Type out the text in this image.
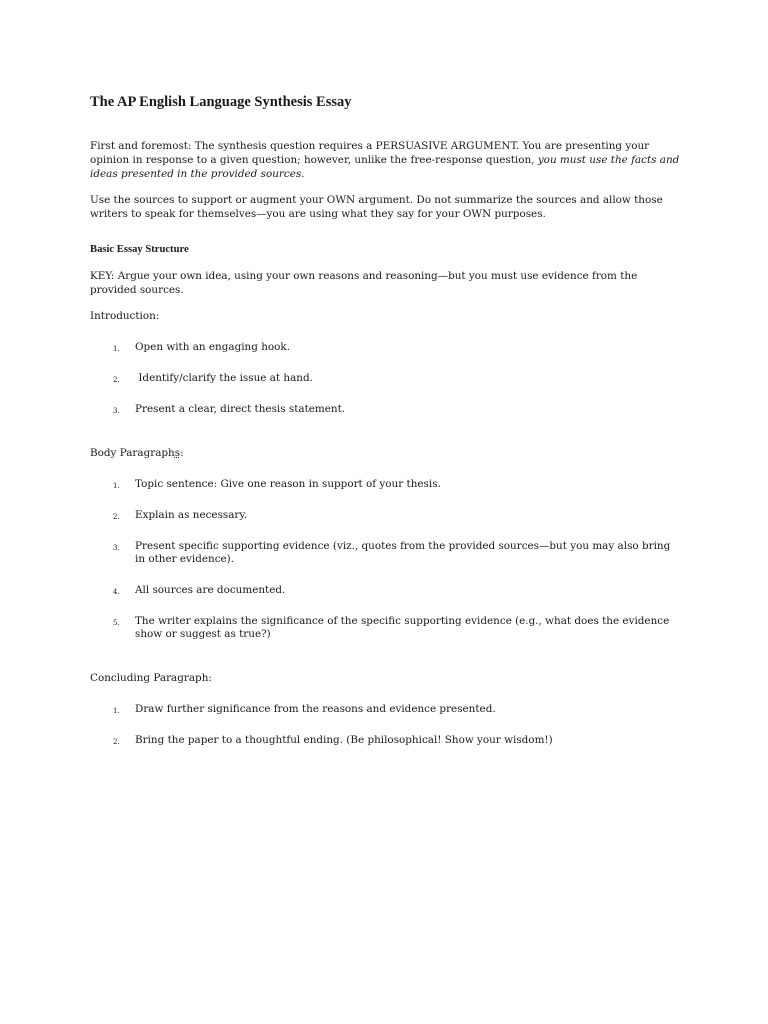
The AP English Language Synthesis Essay

First and foremost: The synthesis question requires a PERSUASIVE ARGUMENT. You are presenting your opinion in response to a given question; however, unlike the free-response question, you must use the facts and ideas presented in the provided sources.

Use the sources to support or augment your OWN argument. Do not summarize the sources and allow those writers to speak for themselves—you are using what they say for your OWN purposes.

Basic Essay Structure

KEY: Argue your own idea, using your own reasons and reasoning—but you must use evidence from the provided sources.

Introduction:

1. Open with an engaging hook.
2. Identify/clarify the issue at hand.
3. Present a clear, direct thesis statement.

Body Paragraphs:

1. Topic sentence: Give one reason in support of your thesis.
2. Explain as necessary.
3. Present specific supporting evidence (viz., quotes from the provided sources—but you may also bring in other evidence).
4. All sources are documented.
5. The writer explains the significance of the specific supporting evidence (e.g., what does the evidence show or suggest as true?)

Concluding Paragraph:

1. Draw further significance from the reasons and evidence presented.
2. Bring the paper to a thoughtful ending. (Be philosophical! Show your wisdom!)
